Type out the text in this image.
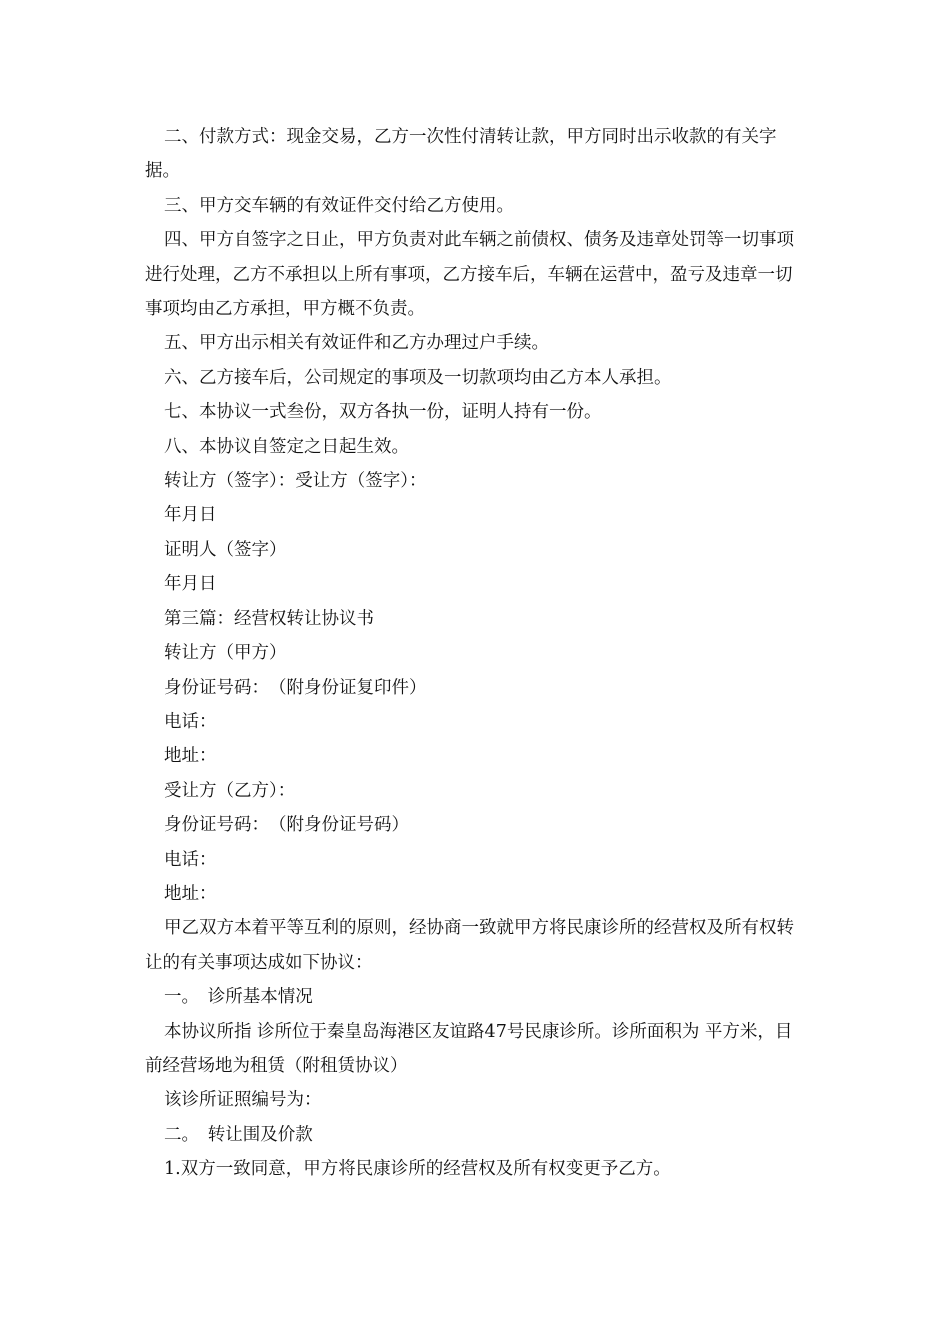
二、付款方式：现金交易，乙方一次性付清转让款，甲方同时出示收款的有关字据。

三、甲方交车辆的有效证件交付给乙方使用。

四、甲方自签字之日止，甲方负责对此车辆之前债权、债务及违章处罚等一切事项进行处理，乙方不承担以上所有事项，乙方接车后，车辆在运营中，盈亏及违章一切事项均由乙方承担，甲方概不负责。

五、甲方出示相关有效证件和乙方办理过户手续。

六、乙方接车后，公司规定的事项及一切款项均由乙方本人承担。

七、本协议一式叁份，双方各执一份，证明人持有一份。

八、本协议自签定之日起生效。

转让方（签字）：受让方（签字）：

年月日

证明人（签字）

年月日

第三篇：经营权转让协议书

转让方（甲方）

身份证号码：　（附身份证复印件）

电话：

地址：

受让方（乙方）：

身份证号码：　（附身份证号码）

电话：

地址：

甲乙双方本着平等互利的原则，经协商一致就甲方将民康诊所的经营权及所有权转让的有关事项达成如下协议：

一。　诊所基本情况

本协议所指 诊所位于秦皇岛海港区友谊路47号民康诊所。诊所面积为 平方米，目前经营场地为租赁（附租赁协议）

该诊所证照编号为：

二。　转让围及价款

1.双方一致同意，甲方将民康诊所的经营权及所有权变更予乙方。
